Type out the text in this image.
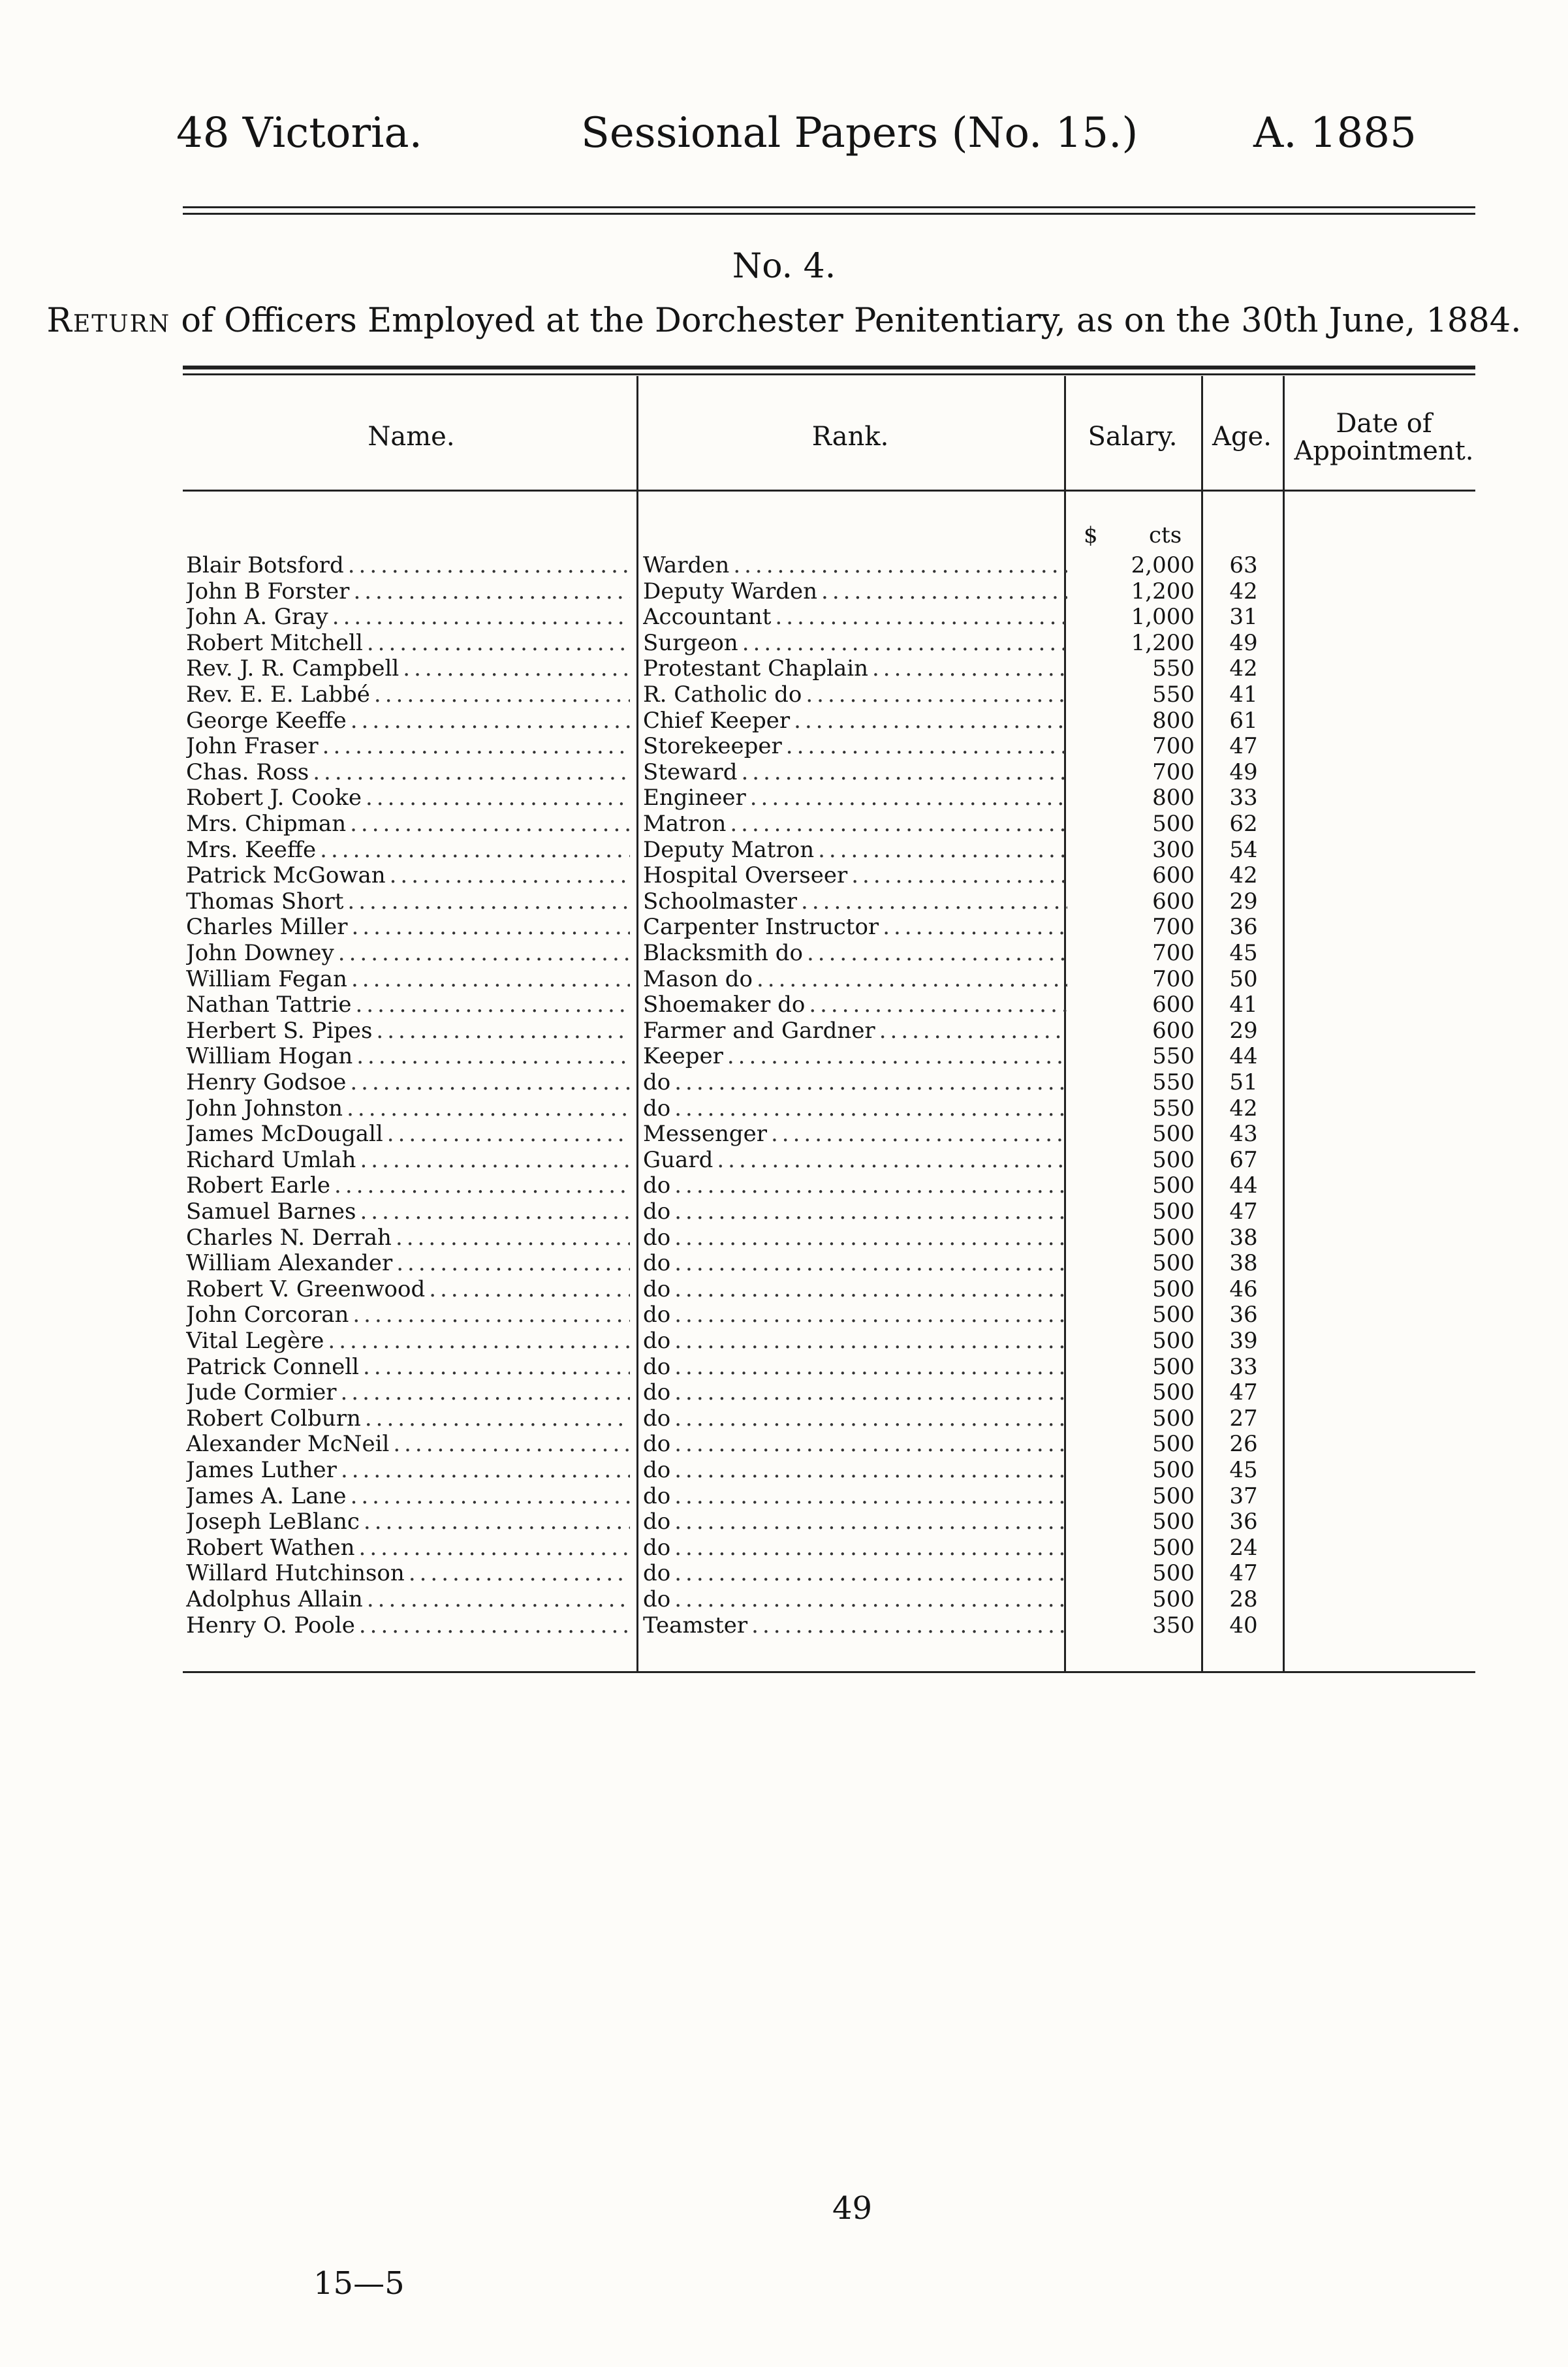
48 Victoria.	Sessional Papers (No. 15.)	A. 1885
No. 4.
Return of Officers Employed at the Dorchester Penitentiary, as on the 30th June, 1884.
Name.	Rank.	Salary.	Age.	Date of
Appointment.
$ cts
Blair Botsford .....	Warden .....	2,000	63
John B Forster .....	Deputy Warden .....	1,200	42
John A. Gray .....	Accountant .....	1,000	31
Robert Mitchell .....	Surgeon .....	1,200	49
Rev. J. R. Campbell .....	Protestant Chaplain .....	550	42
Rev. E. E. Labbé .....	R. Catholic do .....	550	41
George Keeffe .....	Chief Keeper .....	800	61
John Fraser .....	Storekeeper .....	700	47
Chas. Ross .....	Steward .....	700	49
Robert J. Cooke .....	Engineer .....	800	33
Mrs. Chipman .....	Matron .....	500	62
Mrs. Keeffe .....	Deputy Matron .....	300	54
Patrick McGowan .....	Hospital Overseer .....	600	42
Thomas Short .....	Schoolmaster .....	600	29
Charles Miller .....	Carpenter Instructor .....	700	36
John Downey .....	Blacksmith do .....	700	45
William Fegan .....	Mason do .....	700	50
Nathan Tattrie .....	Shoemaker do .....	600	41
Herbert S. Pipes .....	Farmer and Gardner .....	600	29
William Hogan .....	Keeper .....	550	44
Henry Godsoe .....	do .....	550	51
John Johnston .....	do .....	550	42
James McDougall .....	Messenger .....	500	43
Richard Umlah .....	Guard .....	500	67
Robert Earle .....	do .....	500	44
Samuel Barnes .....	do .....	500	47
Charles N. Derrah .....	do .....	500	38
William Alexander .....	do .....	500	38
Robert V. Greenwood .....	do .....	500	46
John Corcoran .....	do .....	500	36
Vital Legère .....	do .....	500	39
Patrick Connell .....	do .....	500	33
Jude Cormier .....	do .....	500	47
Robert Colburn .....	do .....	500	27
Alexander McNeil .....	do .....	500	26
James Luther .....	do .....	500	45
James A. Lane .....	do .....	500	37
Joseph LeBlanc .....	do .....	500	36
Robert Wathen .....	do .....	500	24
Willard Hutchinson .....	do .....	500	47
Adolphus Allain .....	do .....	500	28
Henry O. Poole .....	Teamster .....	350	40
49
15—5
